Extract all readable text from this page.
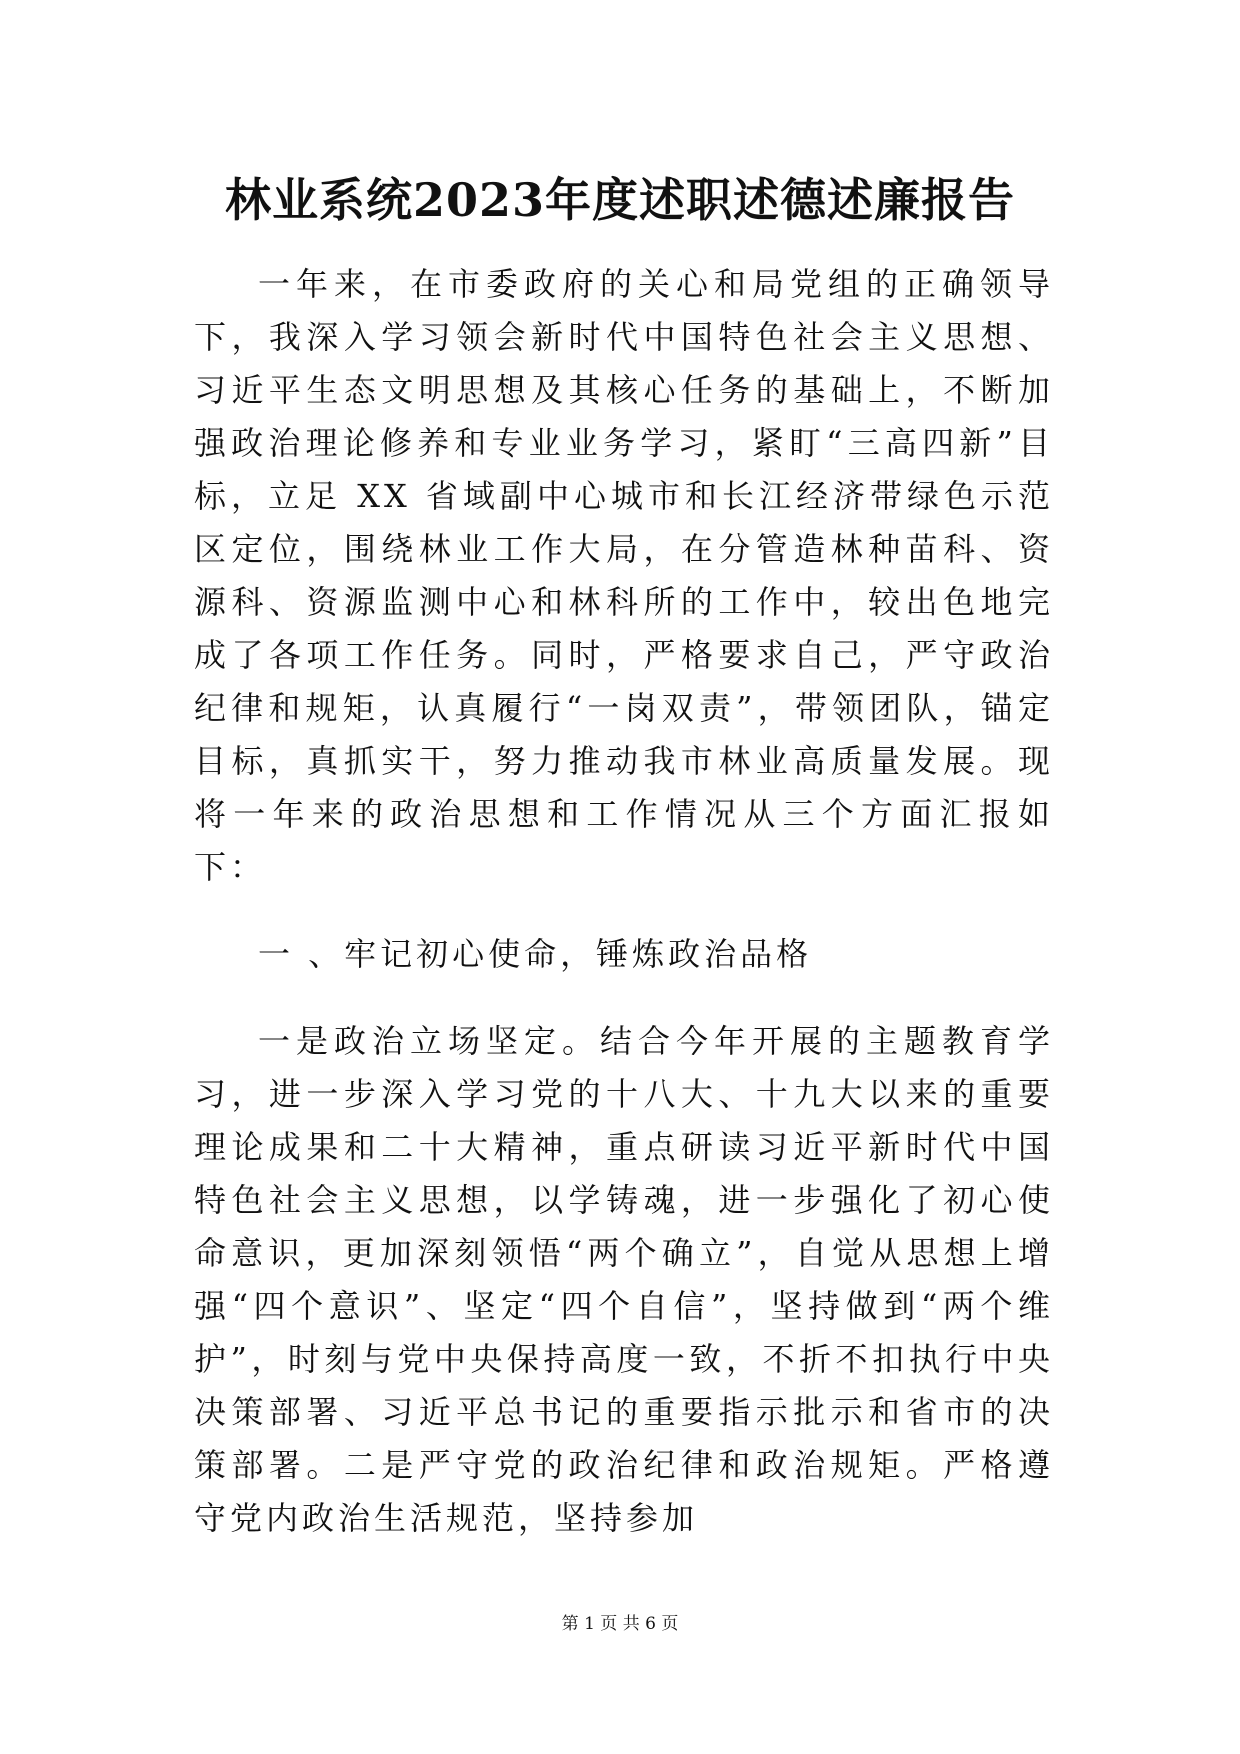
林业系统2023年度述职述德述廉报告

一年来，在市委政府的关心和局党组的正确领导下，我深入学习领会新时代中国特色社会主义思想、习近平生态文明思想及其核心任务的基础上，不断加强政治理论修养和专业业务学习，紧盯“三高四新”目标，立足 XX 省域副中心城市和长江经济带绿色示范区定位，围绕林业工作大局，在分管造林种苗科、资源科、资源监测中心和林科所的工作中，较出色地完成了各项工作任务。同时，严格要求自己，严守政治纪律和规矩，认真履行“一岗双责”，带领团队，锚定目标，真抓实干，努力推动我市林业高质量发展。现将一年来的政治思想和工作情况从三个方面汇报如下：

一 、牢记初心使命，锤炼政治品格

一是政治立场坚定。结合今年开展的主题教育学习，进一步深入学习党的十八大、十九大以来的重要理论成果和二十大精神，重点研读习近平新时代中国特色社会主义思想，以学铸魂，进一步强化了初心使命意识，更加深刻领悟“两个确立”，自觉从思想上增强“四个意识”、坚定“四个自信”，坚持做到“两个维护”，时刻与党中央保持高度一致，不折不扣执行中央决策部署、习近平总书记的重要指示批示和省市的决策部署。二是严守党的政治纪律和政治规矩。严格遵守党内政治生活规范，坚持参加

第 1 页 共 6 页
